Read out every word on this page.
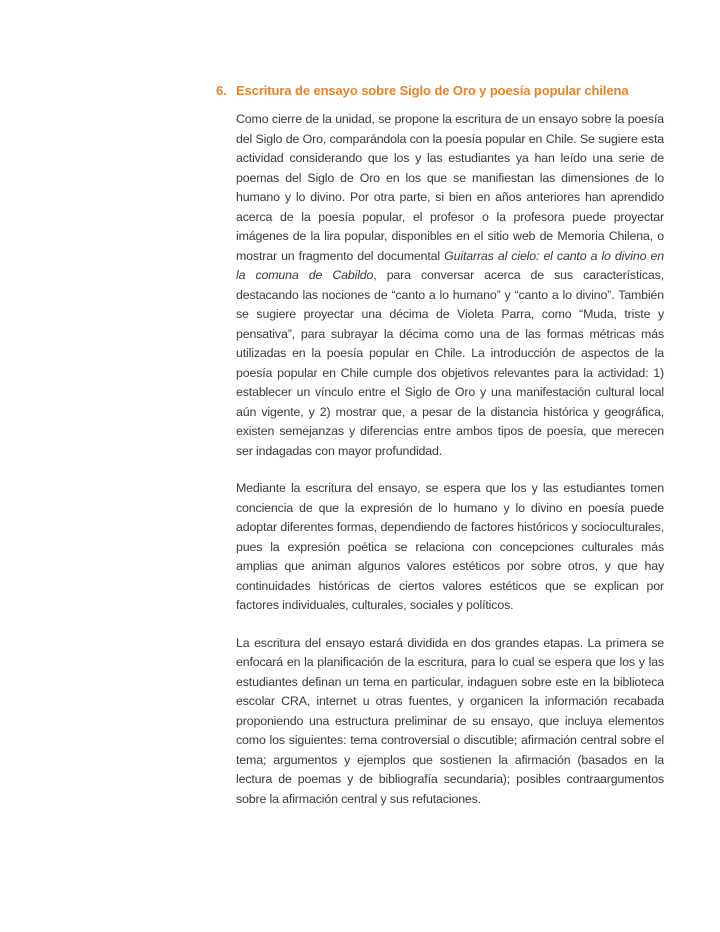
6. Escritura de ensayo sobre Siglo de Oro y poesía popular chilena

Como cierre de la unidad, se propone la escritura de un ensayo sobre la poesía del Siglo de Oro, comparándola con la poesía popular en Chile. Se sugiere esta actividad considerando que los y las estudiantes ya han leído una serie de poemas del Siglo de Oro en los que se manifiestan las dimensiones de lo humano y lo divino. Por otra parte, si bien en años anteriores han aprendido acerca de la poesía popular, el profesor o la profesora puede proyectar imágenes de la lira popular, disponibles en el sitio web de Memoria Chilena, o mostrar un fragmento del documental Guitarras al cielo: el canto a lo divino en la comuna de Cabildo, para conversar acerca de sus características, destacando las nociones de “canto a lo humano” y “canto a lo divino”. También se sugiere proyectar una décima de Violeta Parra, como “Muda, triste y pensativa”, para subrayar la décima como una de las formas métricas más utilizadas en la poesía popular en Chile. La introducción de aspectos de la poesía popular en Chile cumple dos objetivos relevantes para la actividad: 1) establecer un vínculo entre el Siglo de Oro y una manifestación cultural local aún vigente, y 2) mostrar que, a pesar de la distancia histórica y geográfica, existen semejanzas y diferencias entre ambos tipos de poesía, que merecen ser indagadas con mayor profundidad.

Mediante la escritura del ensayo, se espera que los y las estudiantes tomen conciencia de que la expresión de lo humano y lo divino en poesía puede adoptar diferentes formas, dependiendo de factores históricos y socioculturales, pues la expresión poética se relaciona con concepciones culturales más amplias que animan algunos valores estéticos por sobre otros, y que hay continuidades históricas de ciertos valores estéticos que se explican por factores individuales, culturales, sociales y políticos.

La escritura del ensayo estará dividida en dos grandes etapas. La primera se enfocará en la planificación de la escritura, para lo cual se espera que los y las estudiantes definan un tema en particular, indaguen sobre este en la biblioteca escolar CRA, internet u otras fuentes, y organicen la información recabada proponiendo una estructura preliminar de su ensayo, que incluya elementos como los siguientes: tema controversial o discutible; afirmación central sobre el tema; argumentos y ejemplos que sostienen la afirmación (basados en la lectura de poemas y de bibliografía secundaria); posibles contraargumentos sobre la afirmación central y sus refutaciones.
